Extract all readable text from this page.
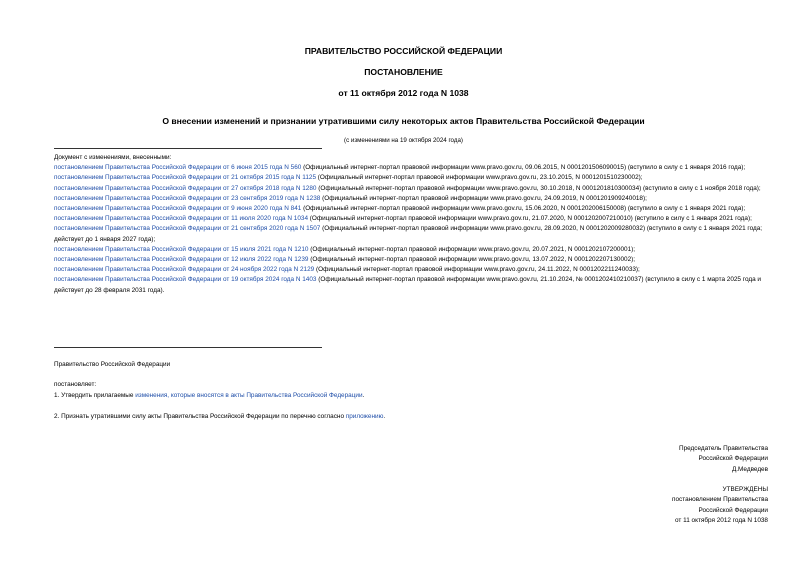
ПРАВИТЕЛЬСТВО РОССИЙСКОЙ ФЕДЕРАЦИИ
ПОСТАНОВЛЕНИЕ
от 11 октября 2012 года N 1038
О внесении изменений и признании утратившими силу некоторых актов Правительства Российской Федерации
(с изменениями на 19 октября 2024 года)

Документ с изменениями, внесенными:

постановлением Правительства Российской Федерации от 6 июня 2015 года N 560 (Официальный интернет-портал правовой информации www.pravo.gov.ru, 09.06.2015, N 0001201506090015) (вступило в силу с 1 января 2016 года);

постановлением Правительства Российской Федерации от 21 октября 2015 года N 1125 (Официальный интернет-портал правовой информации www.pravo.gov.ru, 23.10.2015, N 0001201510230002);

постановлением Правительства Российской Федерации от 27 октября 2018 года N 1280 (Официальный интернет-портал правовой информации www.pravo.gov.ru, 30.10.2018, N 0001201810300034) (вступило в силу с 1 ноября 2018 года);

постановлением Правительства Российской Федерации от 23 сентября 2019 года N 1238 (Официальный интернет-портал правовой информации www.pravo.gov.ru, 24.09.2019, N 0001201909240018);

постановлением Правительства Российской Федерации от 9 июня 2020 года N 841 (Официальный интернет-портал правовой информации www.pravo.gov.ru, 15.06.2020, N 0001202006150008) (вступило в силу с 1 января 2021 года);

постановлением Правительства Российской Федерации от 11 июля 2020 года N 1034 (Официальный интернет-портал правовой информации www.pravo.gov.ru, 21.07.2020, N 0001202007210010) (вступило в силу с 1 января 2021 года);

постановлением Правительства Российской Федерации от 21 сентября 2020 года N 1507 (Официальный интернет-портал правовой информации www.pravo.gov.ru, 28.09.2020, N 0001202009280032) (вступило в силу с 1 января 2021 года; действует до 1 января 2027 года);

постановлением Правительства Российской Федерации от 15 июля 2021 года N 1210 (Официальный интернет-портал правовой информации www.pravo.gov.ru, 20.07.2021, N 0001202107200001);

постановлением Правительства Российской Федерации от 12 июля 2022 года N 1239 (Официальный интернет-портал правовой информации www.pravo.gov.ru, 13.07.2022, N 0001202207130002);

постановлением Правительства Российской Федерации от 24 ноября 2022 года N 2129 (Официальный интернет-портал правовой информации www.pravo.gov.ru, 24.11.2022, N 0001202211240033);

постановлением Правительства Российской Федерации от 19 октября 2024 года N 1403 (Официальный интернет-портал правовой информации www.pravo.gov.ru, 21.10.2024, № 0001202410210037) (вступило в силу с 1 марта 2025 года и действует до 28 февраля 2031 года).

Правительство Российской Федерации
постановляет:
1. Утвердить прилагаемые изменения, которые вносятся в акты Правительства Российской Федерации.
2. Признать утратившими силу акты Правительства Российской Федерации по перечню согласно приложению.
Председатель Правительства
Российской Федерации
Д.Медведев
УТВЕРЖДЕНЫ
постановлением Правительства
Российской Федерации
от 11 октября 2012 года N 1038
